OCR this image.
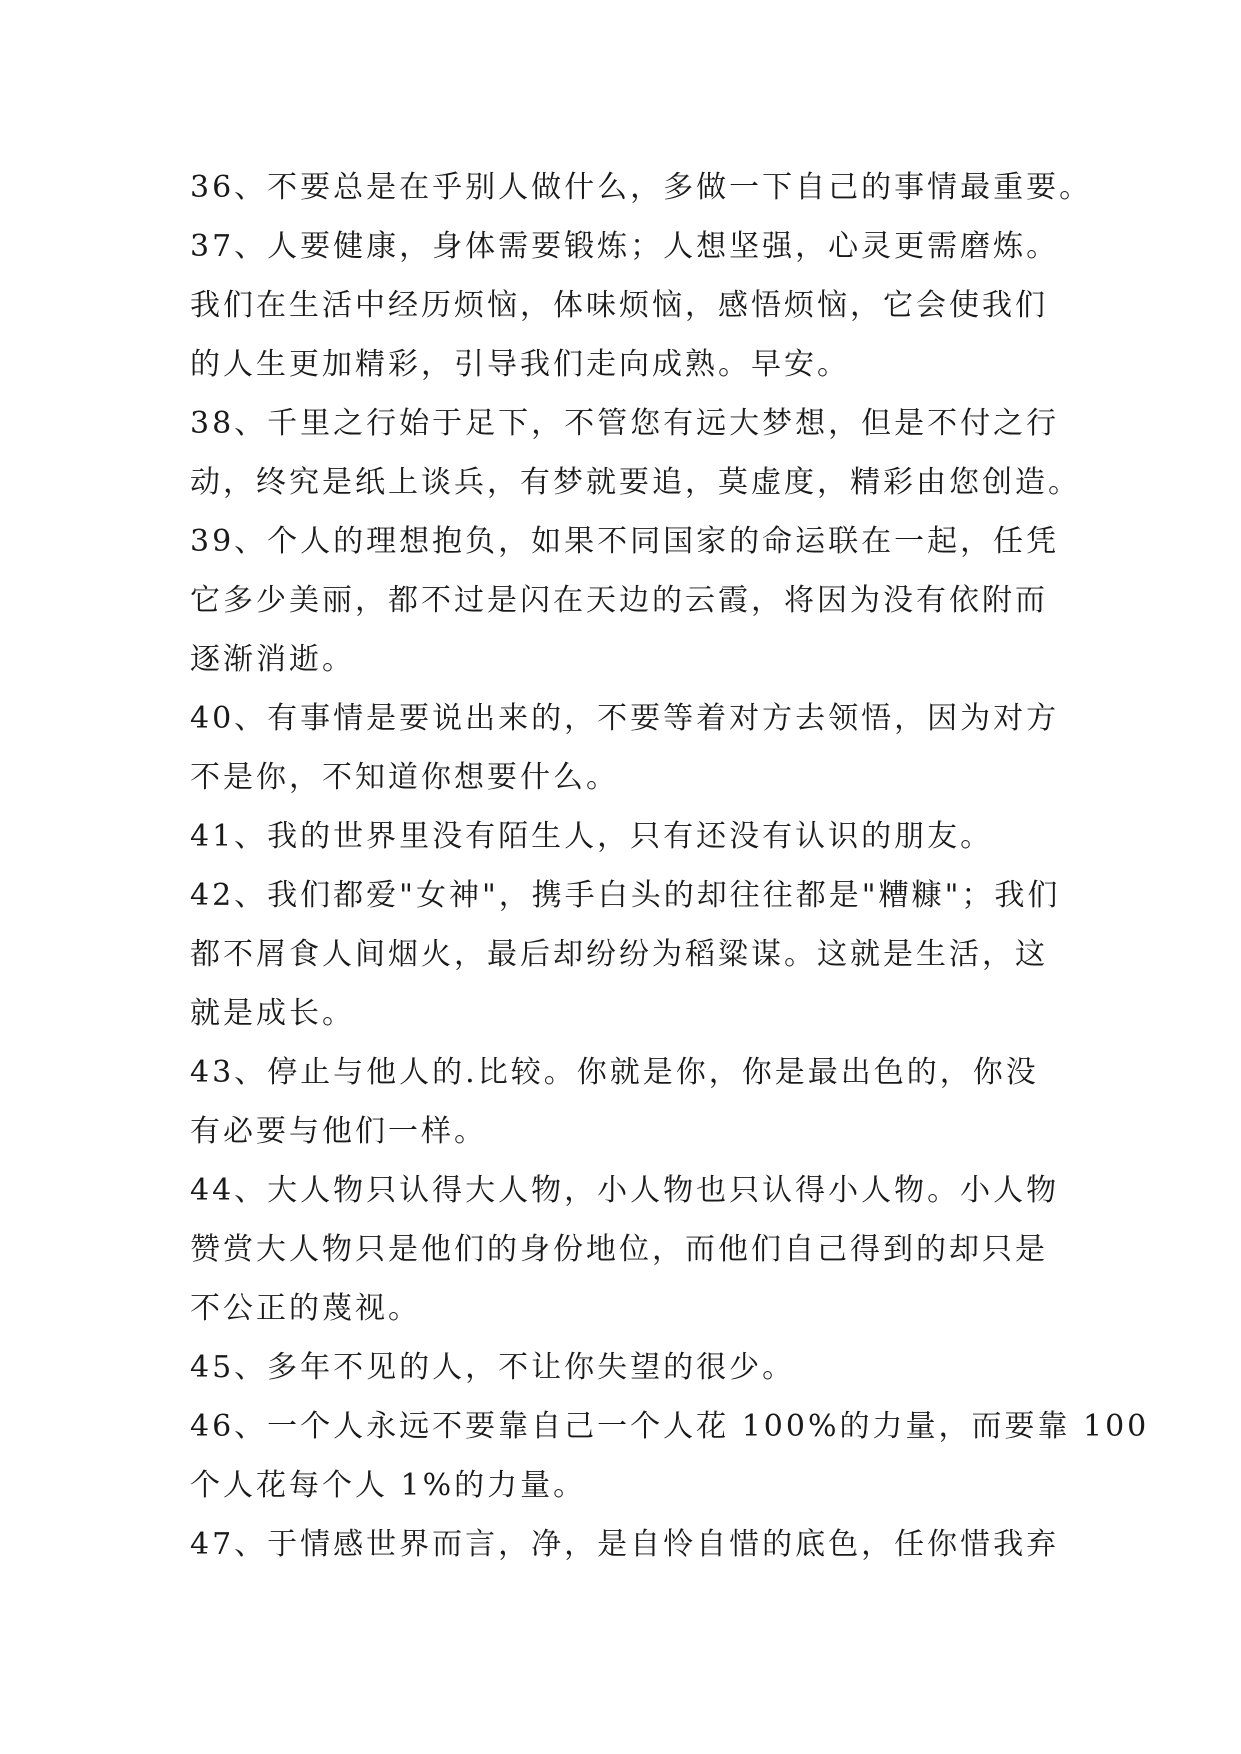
36、不要总是在乎别人做什么，多做一下自己的事情最重要。
37、人要健康，身体需要锻炼；人想坚强，心灵更需磨炼。
我们在生活中经历烦恼，体味烦恼，感悟烦恼，它会使我们
的人生更加精彩，引导我们走向成熟。早安。
38、千里之行始于足下，不管您有远大梦想，但是不付之行
动，终究是纸上谈兵，有梦就要追，莫虚度，精彩由您创造。
39、个人的理想抱负，如果不同国家的命运联在一起，任凭
它多少美丽，都不过是闪在天边的云霞，将因为没有依附而
逐渐消逝。
40、有事情是要说出来的，不要等着对方去领悟，因为对方
不是你，不知道你想要什么。
41、我的世界里没有陌生人，只有还没有认识的朋友。
42、我们都爱"女神"，携手白头的却往往都是"糟糠"；我们
都不屑食人间烟火，最后却纷纷为稻粱谋。这就是生活，这
就是成长。
43、停止与他人的.比较。你就是你，你是最出色的，你没
有必要与他们一样。
44、大人物只认得大人物，小人物也只认得小人物。小人物
赞赏大人物只是他们的身份地位，而他们自己得到的却只是
不公正的蔑视。
45、多年不见的人，不让你失望的很少。
46、一个人永远不要靠自己一个人花 100%的力量，而要靠 100
个人花每个人 1%的力量。
47、于情感世界而言，净，是自怜自惜的底色，任你惜我弃
